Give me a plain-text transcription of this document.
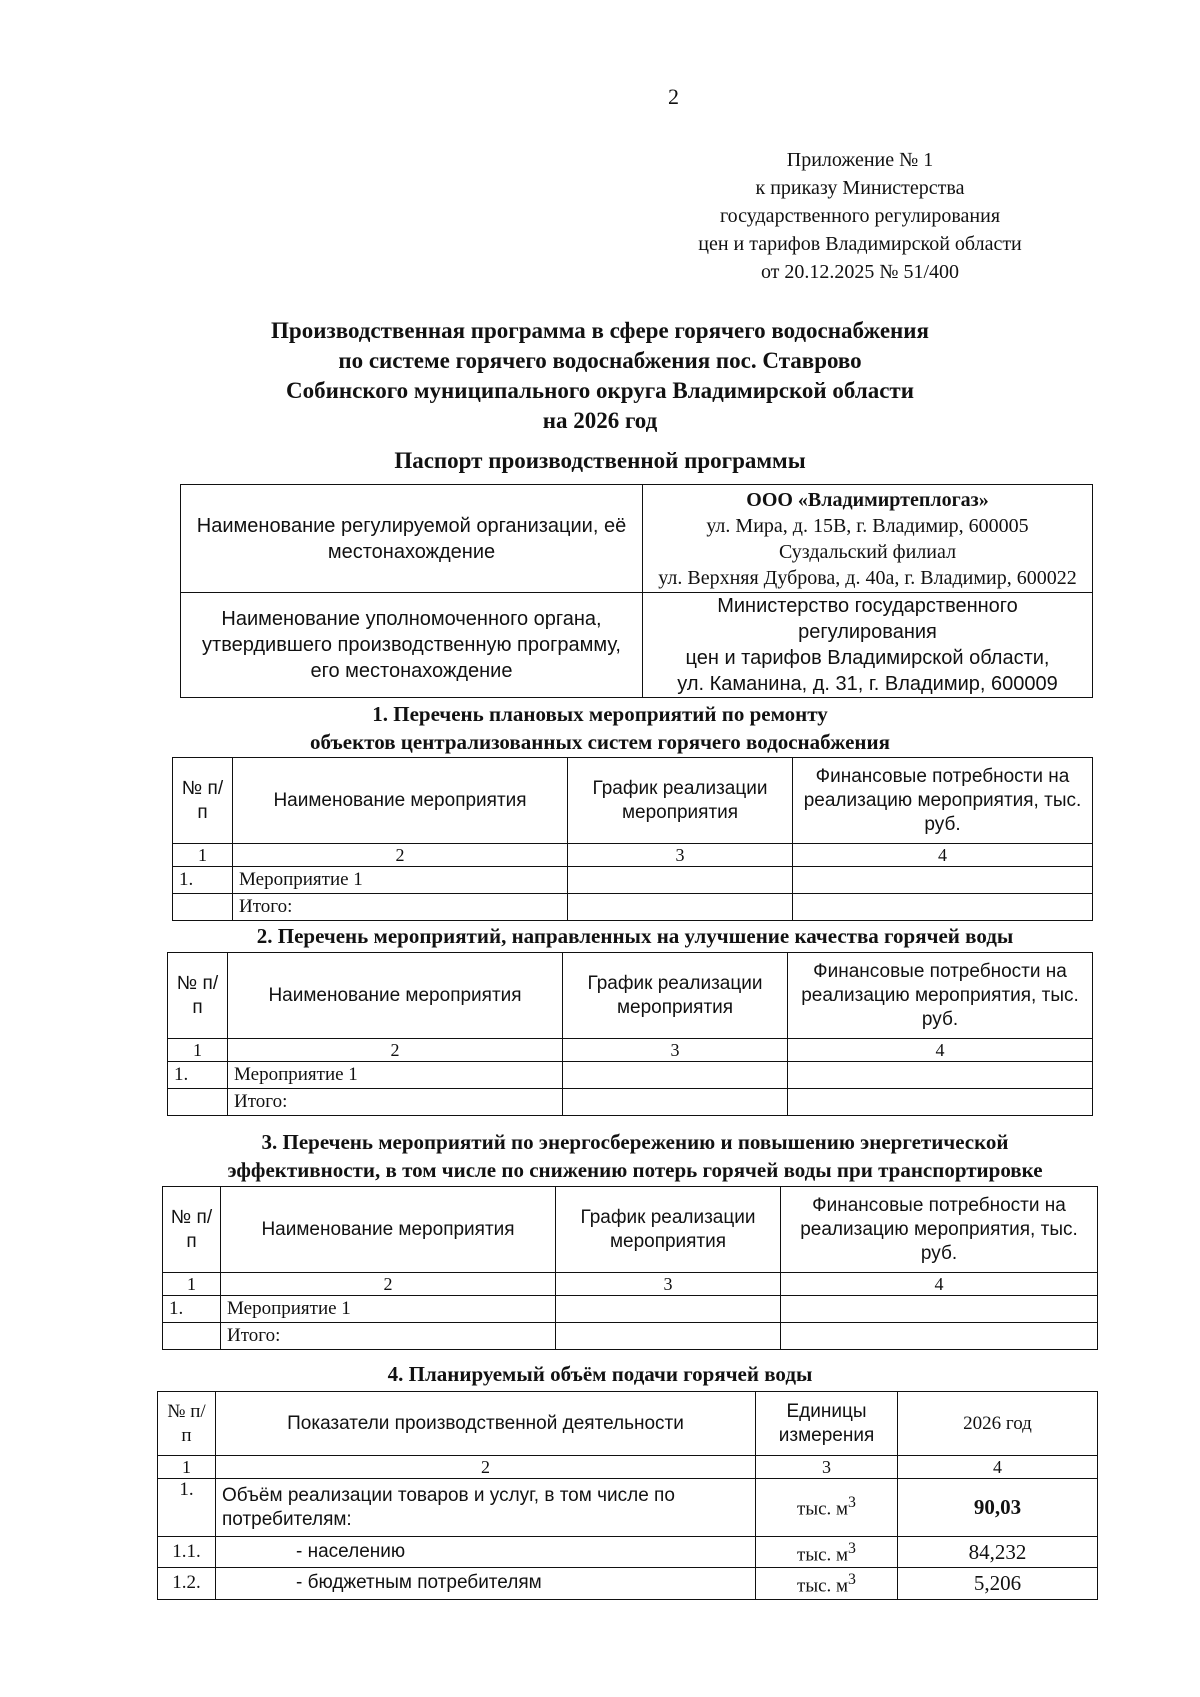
2
Приложение № 1
к приказу Министерства
государственного регулирования
цен и тарифов Владимирской области
от 20.12.2025 № 51/400
Производственная программа в сфере горячего водоснабжения
по системе горячего водоснабжения пос. Ставрово
Собинского муниципального округа Владимирской области
на 2026 год
Паспорт производственной программы
Наименование регулируемой организации, её местонахождение	ООО «Владимиртеплогаз»
ул. Мира, д. 15В, г. Владимир, 600005
Суздальский филиал
ул. Верхняя Дуброва, д. 40а, г. Владимир, 600022

Наименование уполномоченного органа, утвердившего производственную программу, его местонахождение	Министерство государственного регулирования
цен и тарифов Владимирской области,
ул. Каманина, д. 31, г. Владимир, 600009
1. Перечень плановых мероприятий по ремонту
объектов централизованных систем горячего водоснабжения
№ п/п	Наименование мероприятия	График реализации мероприятия	Финансовые потребности на реализацию мероприятия, тыс. руб.
1	2	3	4
1.	Мероприятие 1		
	Итого:		
2. Перечень мероприятий, направленных на улучшение качества горячей воды
№ п/п	Наименование мероприятия	График реализации мероприятия	Финансовые потребности на реализацию мероприятия, тыс. руб.
1	2	3	4
1.	Мероприятие 1		
	Итого:		
3. Перечень мероприятий по энергосбережению и повышению энергетической
эффективности, в том числе по снижению потерь горячей воды при транспортировке
№ п/п	Наименование мероприятия	График реализации мероприятия	Финансовые потребности на реализацию мероприятия, тыс. руб.
1	2	3	4
1.	Мероприятие 1		
	Итого:		
4. Планируемый объём подачи горячей воды
№ п/п	Показатели производственной деятельности	Единицы измерения	2026 год
1	2	3	4
1.	Объём реализации товаров и услуг, в том числе по потребителям:	тыс. $м^3$	90,03
1.1.	- населению	тыс. $м^3$	84,232
1.2.	- бюджетным потребителям	тыс. $м^3$	5,206
